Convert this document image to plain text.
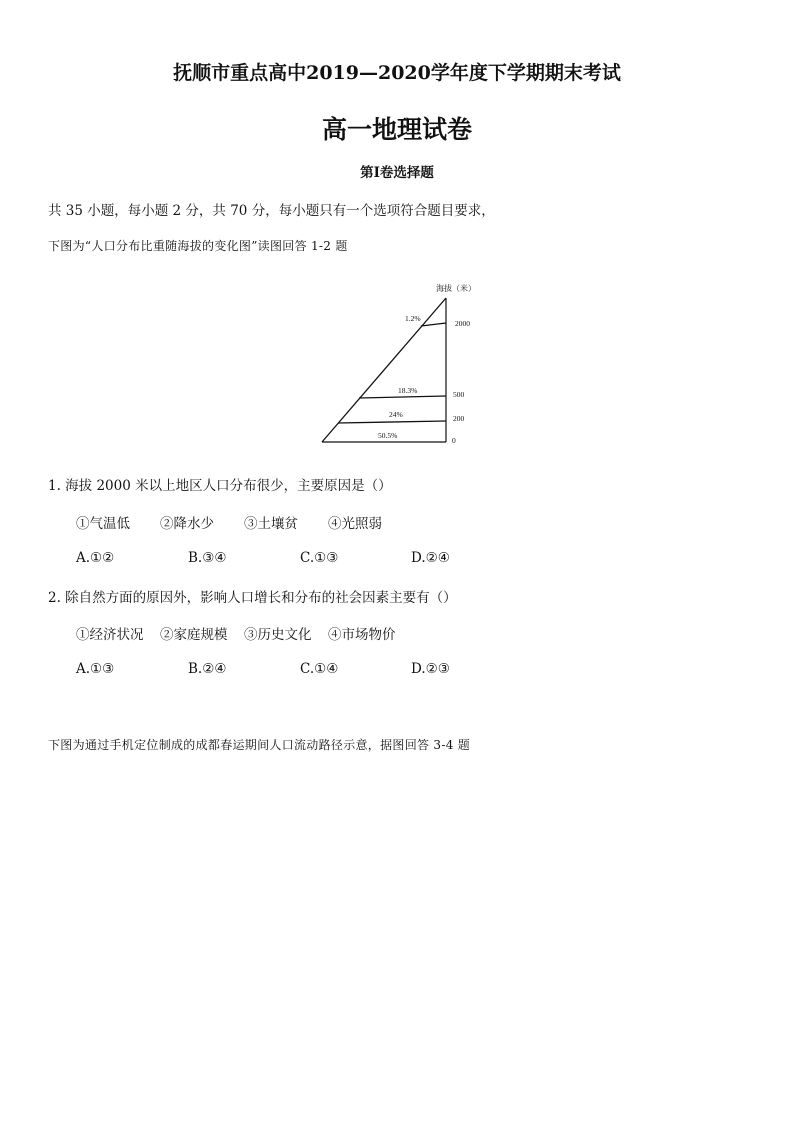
抚顺市重点高中2019—2020学年度下学期期末考试
高一地理试卷
第I卷选择题
共 35 小题，每小题 2 分，共 70 分，每小题只有一个选项符合题目要求，
下图为“人口分布比重随海拔的变化图”读图回答 1-2 题
海拔（米）
2000
500
200
0
1.2%
18.3%
24%
50.5%
1. 海拔 2000 米以上地区人口分布很少，主要原因是（）
①气温低 ②降水少 ③土壤贫 ④光照弱
A.①②	B.③④	C.①③	D.②④
2. 除自然方面的原因外，影响人口增长和分布的社会因素主要有（）
①经济状况 ②家庭规模 ③历史文化 ④市场物价
A.①③	B.②④	C.①④	D.②③
下图为通过手机定位制成的成都春运期间人口流动路径示意，据图回答 3-4 题
